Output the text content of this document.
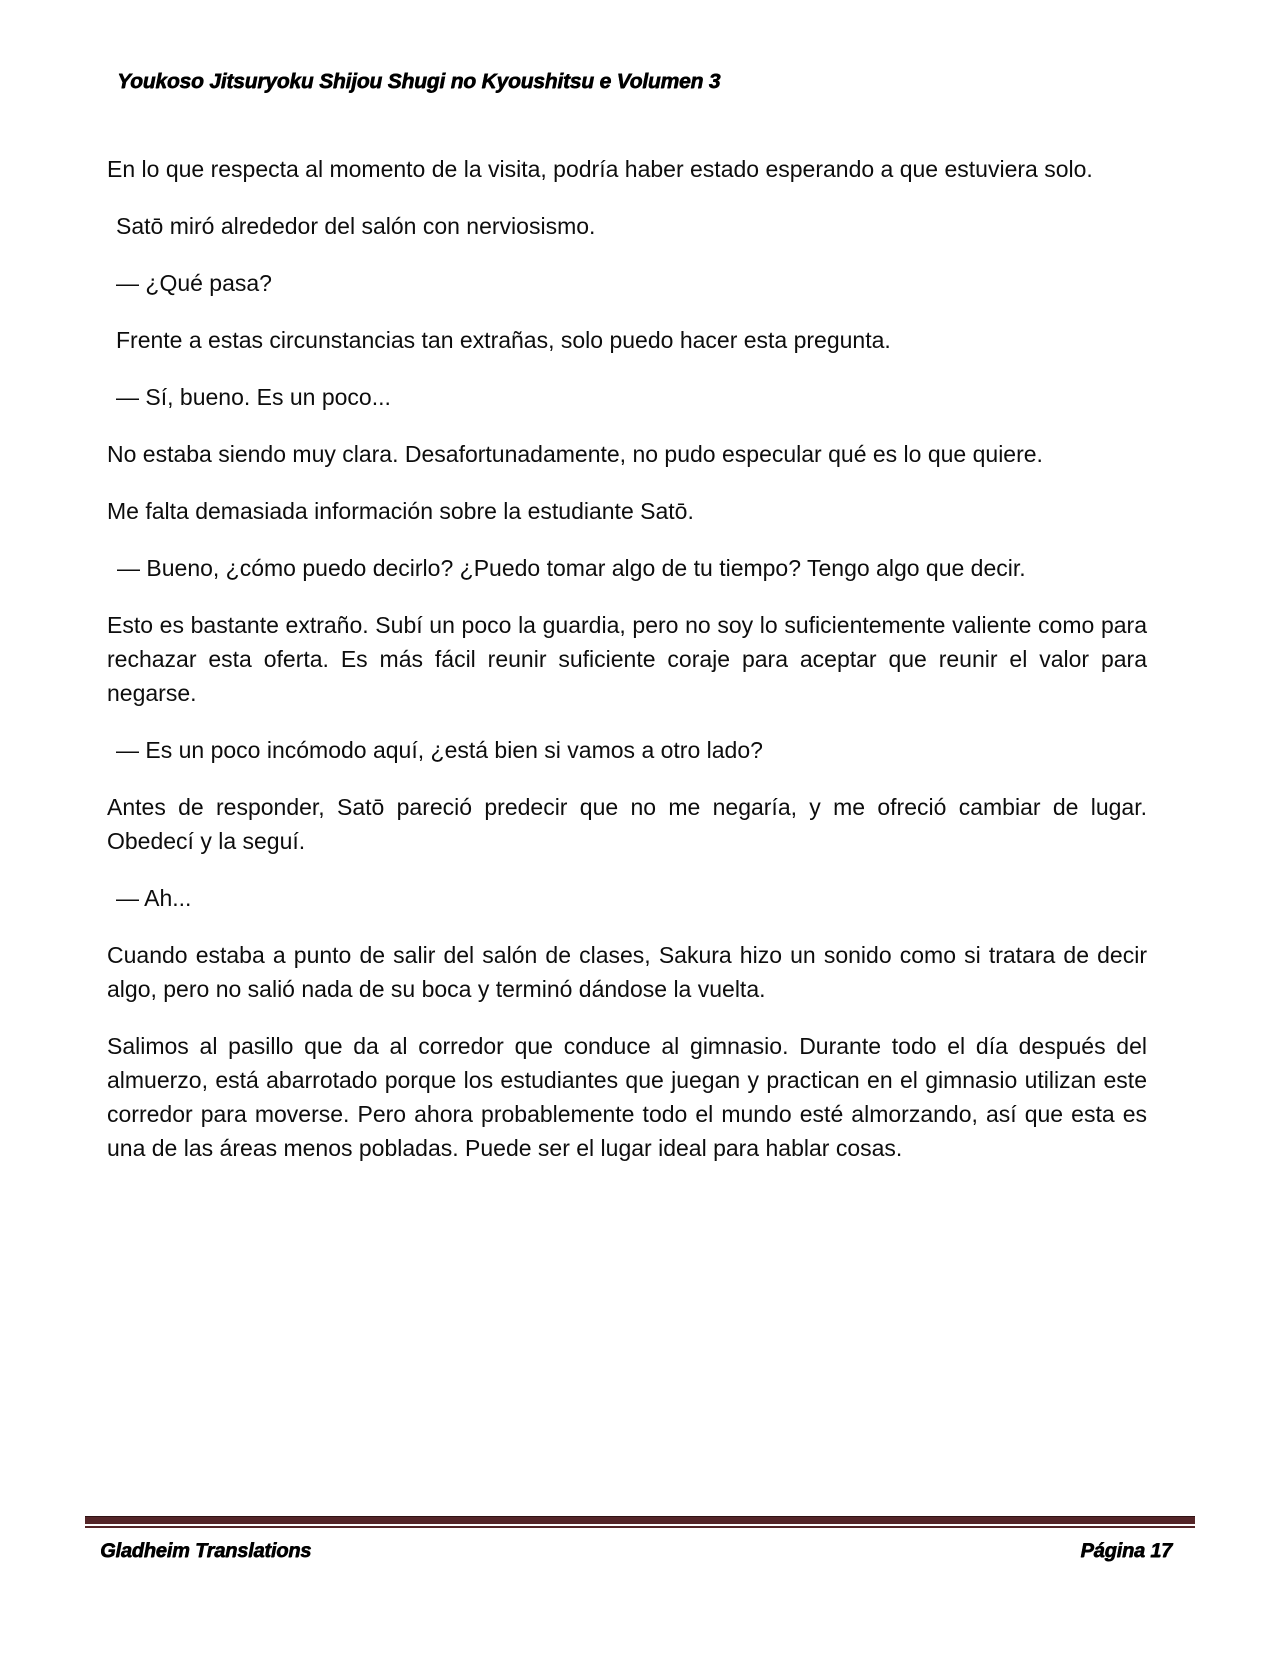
Youkoso Jitsuryoku Shijou Shugi no Kyoushitsu e Volumen 3

En lo que respecta al momento de la visita, podría haber estado esperando a que estuviera solo.

Satō miró alrededor del salón con nerviosismo.

— ¿Qué pasa?

Frente a estas circunstancias tan extrañas, solo puedo hacer esta pregunta.

— Sí, bueno. Es un poco...

No estaba siendo muy clara. Desafortunadamente, no pudo especular qué es lo que quiere.

Me falta demasiada información sobre la estudiante Satō.

— Bueno, ¿cómo puedo decirlo? ¿Puedo tomar algo de tu tiempo? Tengo algo que decir.

Esto es bastante extraño. Subí un poco la guardia, pero no soy lo suficientemente valiente como para rechazar esta oferta. Es más fácil reunir suficiente coraje para aceptar que reunir el valor para negarse.

— Es un poco incómodo aquí, ¿está bien si vamos a otro lado?

Antes de responder, Satō pareció predecir que no me negaría, y me ofreció cambiar de lugar. Obedecí y la seguí.

— Ah...

Cuando estaba a punto de salir del salón de clases, Sakura hizo un sonido como si tratara de decir algo, pero no salió nada de su boca y terminó dándose la vuelta.

Salimos al pasillo que da al corredor que conduce al gimnasio. Durante todo el día después del almuerzo, está abarrotado porque los estudiantes que juegan y practican en el gimnasio utilizan este corredor para moverse. Pero ahora probablemente todo el mundo esté almorzando, así que esta es una de las áreas menos pobladas. Puede ser el lugar ideal para hablar cosas.

Gladheim Translations	Página 17
